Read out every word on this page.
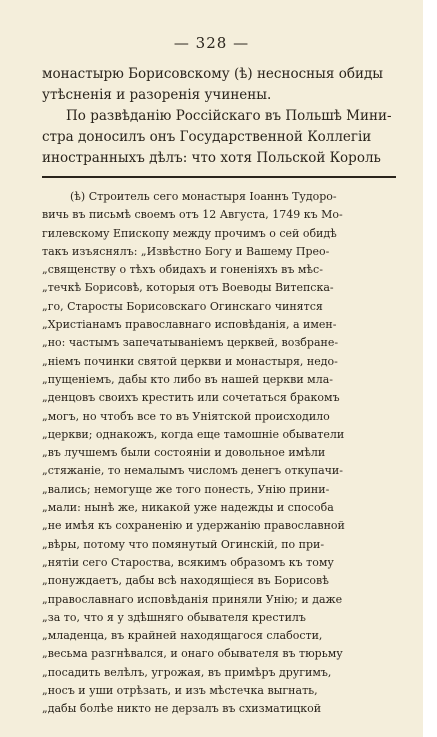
— 328 —
монастырю Борисовскому (ѣ) несносныя обиды
утѣсненія и разоренія учинены.
По развѣданію Россійскаго въ Польшѣ Мини-
стра доносилъ онъ Государственной Коллегіи
иностранныхъ дѣлъ: что хотя Польской Король
(ѣ) Строитель сего монастыря Іоаннъ Тудоро-
вичь въ письмѣ своемъ отъ 12 Августа, 1749 къ Мо-
гилевскому Епископу между прочимъ о сей обидѣ
такъ изъяснялъ: „Извѣстно Богу и Вашему Прео-
„священству о тѣхъ обидахъ и гоненіяхъ въ мѣс-
„течкѣ Борисовѣ, которыя отъ Воеводы Витепска-
„го, Старосты Борисовскаго Огинскаго чинятся
„Христіанамъ православнаго исповѣданія, а имен-
„но: частымъ запечатываніемъ церквей, возбране-
„ніемъ починки святой церкви и монастыря, недо-
„пущеніемъ, дабы кто либо въ нашей церкви мла-
„денцовъ своихъ крестить или сочетаться бракомъ
„могъ, но чтобъ все то въ Уніятской происходило
„церкви; однакожъ, когда еще тамошніе обыватели
„въ лучшемъ были состояніи и довольное имѣли
„стяжаніе, то немалымъ числомъ денегъ откупачи-
„вались; немогуще же того понесть, Унію прини-
„мали: нынѣ же, никакой уже надежды и способа
„не имѣя къ сохраненію и удержанію православной
„вѣры, потому что помянутый Огинскій, по при-
„нятіи сего Староства, всякимъ образомъ къ тому
„понуждаетъ, дабы всѣ находящіеся въ Борисовѣ
„православнаго исповѣданія приняли Унію; и даже
„за то, что я у здѣшняго обывателя крестилъ
„младенца, въ крайней находящагося слабости,
„весьма разгнѣвался, и онаго обывателя въ тюрьму
„посадить велѣлъ, угрожая, въ примѣръ другимъ,
„носъ и уши отрѣзать, и изъ мѣстечка выгнать,
„дабы болѣе никто не дерзалъ въ схизматицкой
